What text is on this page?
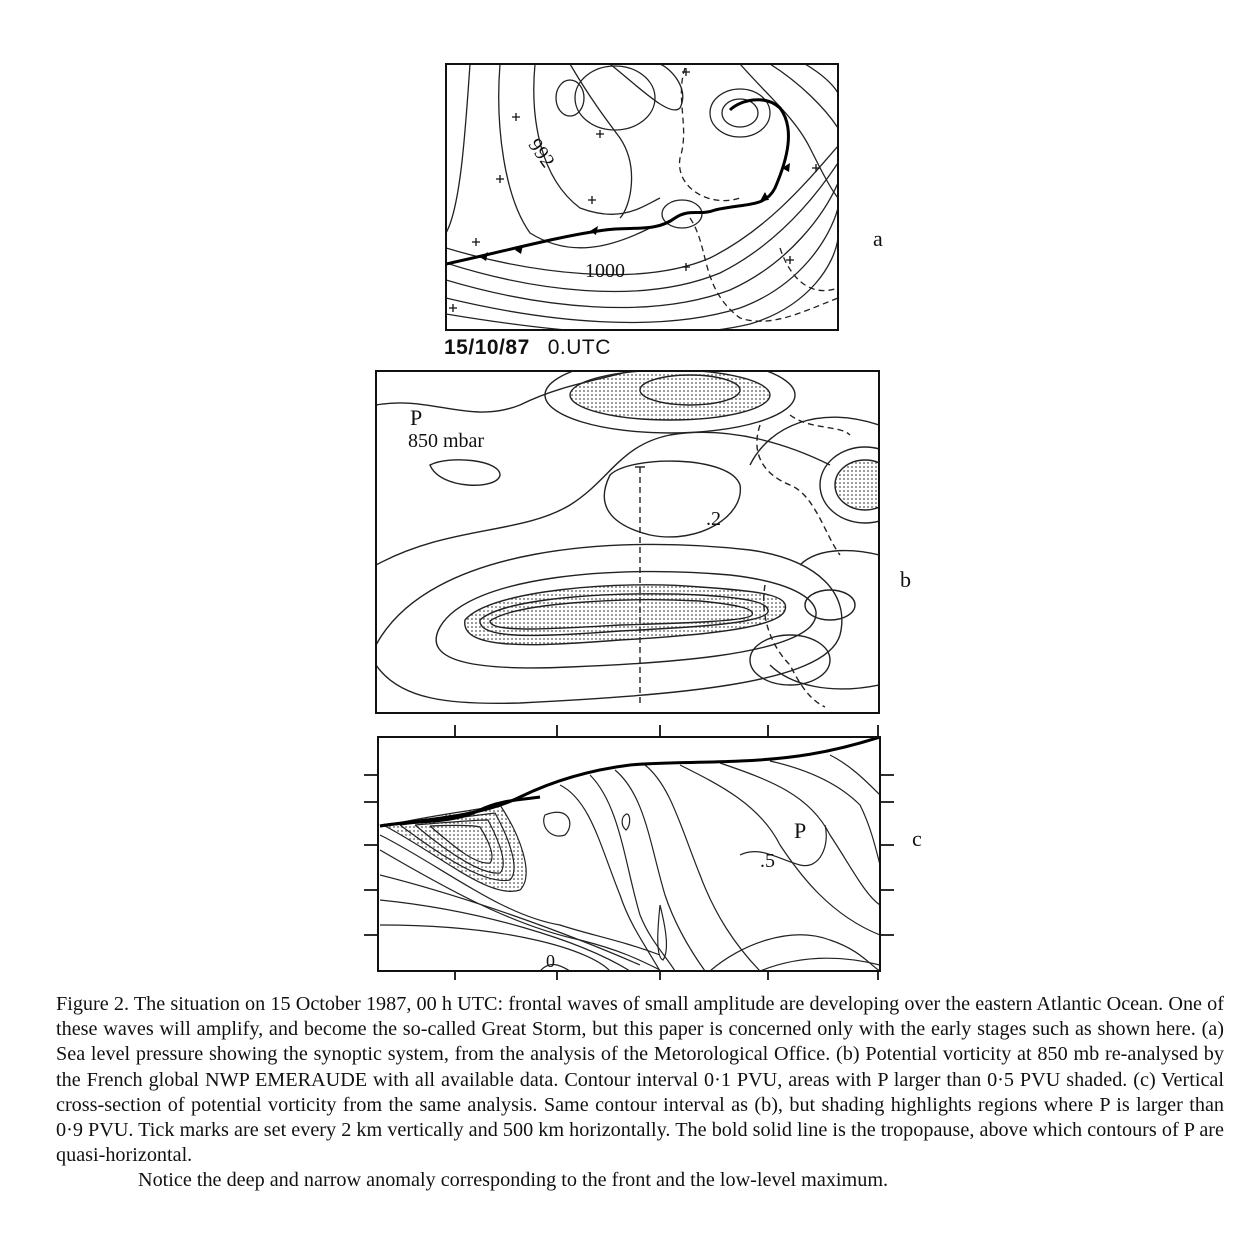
992
1000
a
15/10/87 0.UTC
P
850 mbar
.2
b
P
.5
0
c
Figure 2. The situation on 15 October 1987, 00 h UTC: frontal waves of small amplitude are developing over the eastern Atlantic Ocean. One of these waves will amplify, and become the so-called Great Storm, but this paper is concerned only with the early stages such as shown here. (a) Sea level pressure showing the synoptic system, from the analysis of the Metorological Office. (b) Potential vorticity at 850 mb re-analysed by the French global NWP EMERAUDE with all available data. Contour interval 0·1 PVU, areas with P larger than 0·5 PVU shaded. (c) Vertical cross-section of potential vorticity from the same analysis. Same contour interval as (b), but shading highlights regions where P is larger than 0·9 PVU. Tick marks are set every 2 km vertically and 500 km horizontally. The bold solid line is the tropopause, above which contours of P are quasi-horizontal.
Notice the deep and narrow anomaly corresponding to the front and the low-level maximum.
